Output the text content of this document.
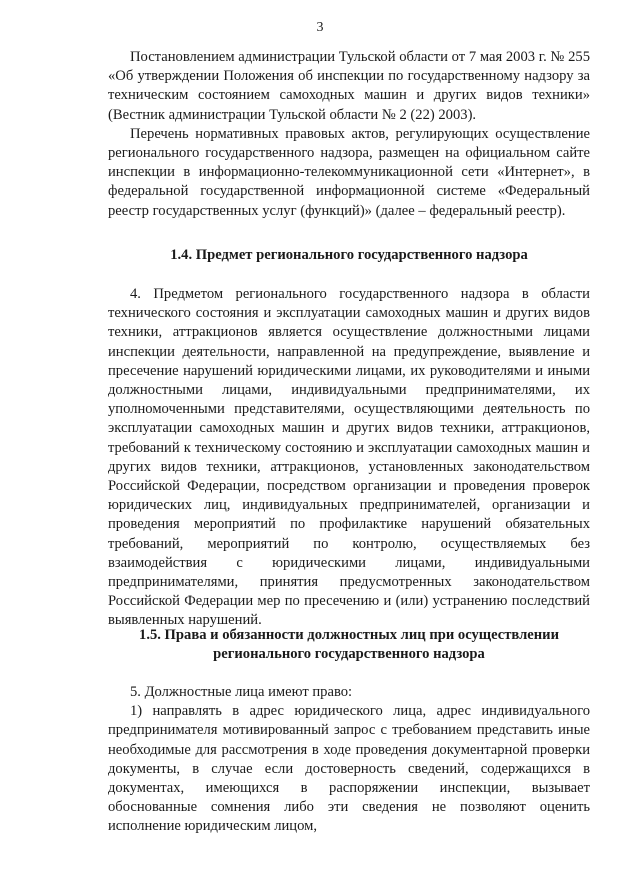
3

Постановлением администрации Тульской области от 7 мая 2003 г. № 255 «Об утверждении Положения об инспекции по государственному надзору за техническим состоянием самоходных машин и других видов техники» (Вестник администрации Тульской области № 2 (22) 2003).

Перечень нормативных правовых актов, регулирующих осуществление регионального государственного надзора, размещен на официальном сайте инспекции в информационно-телекоммуникационной сети «Интернет», в федеральной государственной информационной системе «Федеральный реестр государственных услуг (функций)» (далее – федеральный реестр).

1.4. Предмет регионального государственного надзора

4. Предметом регионального государственного надзора в области технического состояния и эксплуатации самоходных машин и других видов техники, аттракционов является осуществление должностными лицами инспекции деятельности, направленной на предупреждение, выявление и пресечение нарушений юридическими лицами, их руководителями и иными должностными лицами, индивидуальными предпринимателями, их уполномоченными представителями, осуществляющими деятельность по эксплуатации самоходных машин и других видов техники, аттракционов, требований к техническому состоянию и эксплуатации самоходных машин и других видов техники, аттракционов, установленных законодательством Российской Федерации, посредством организации и проведения проверок юридических лиц, индивидуальных предпринимателей, организации и проведения мероприятий по профилактике нарушений обязательных требований, мероприятий по контролю, осуществляемых без взаимодействия с юридическими лицами, индивидуальными предпринимателями, принятия предусмотренных законодательством Российской Федерации мер по пресечению и (или) устранению последствий выявленных нарушений.

1.5. Права и обязанности должностных лиц при осуществлении
регионального государственного надзора

5. Должностные лица имеют право:

1) направлять в адрес юридического лица, адрес индивидуального предпринимателя мотивированный запрос с требованием представить иные необходимые для рассмотрения в ходе проведения документарной проверки документы, в случае если достоверность сведений, содержащихся в документах, имеющихся в распоряжении инспекции, вызывает обоснованные сомнения либо эти сведения не позволяют оценить исполнение юридическим лицом,
